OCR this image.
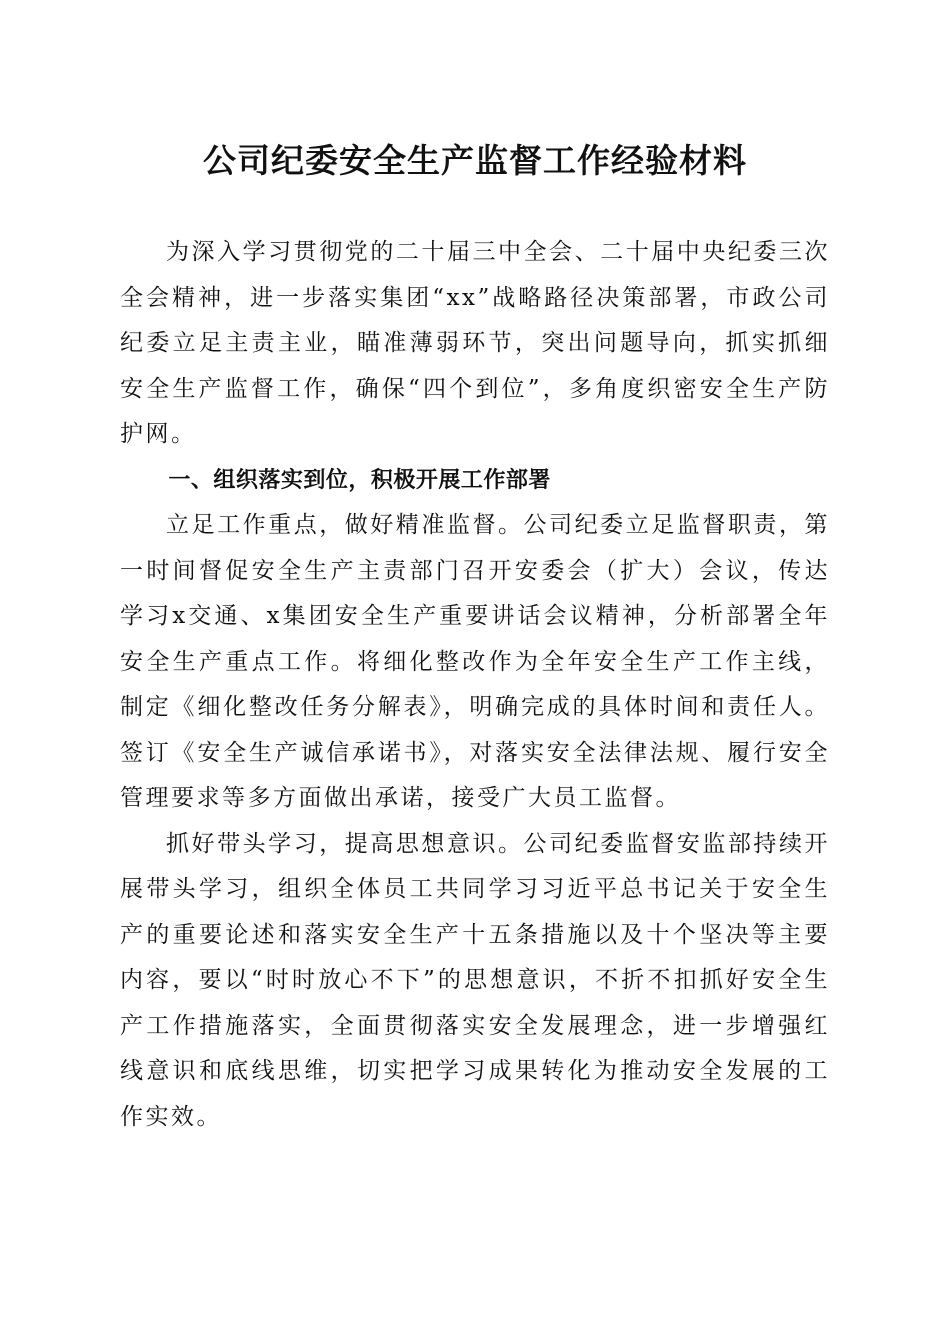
公司纪委安全生产监督工作经验材料

为深入学习贯彻党的二十届三中全会、二十届中央纪委三次全会精神，进一步落实集团“xx”战略路径决策部署，市政公司纪委立足主责主业，瞄准薄弱环节，突出问题导向，抓实抓细安全生产监督工作，确保“四个到位”，多角度织密安全生产防护网。

一、组织落实到位，积极开展工作部署

立足工作重点，做好精准监督。公司纪委立足监督职责，第一时间督促安全生产主责部门召开安委会（扩大）会议，传达学习x交通、x集团安全生产重要讲话会议精神，分析部署全年安全生产重点工作。将细化整改作为全年安全生产工作主线，制定《细化整改任务分解表》，明确完成的具体时间和责任人。签订《安全生产诚信承诺书》，对落实安全法律法规、履行安全管理要求等多方面做出承诺，接受广大员工监督。

抓好带头学习，提高思想意识。公司纪委监督安监部持续开展带头学习，组织全体员工共同学习习近平总书记关于安全生产的重要论述和落实安全生产十五条措施以及十个坚决等主要内容，要以“时时放心不下”的思想意识，不折不扣抓好安全生产工作措施落实，全面贯彻落实安全发展理念，进一步增强红线意识和底线思维，切实把学习成果转化为推动安全发展的工作实效。
